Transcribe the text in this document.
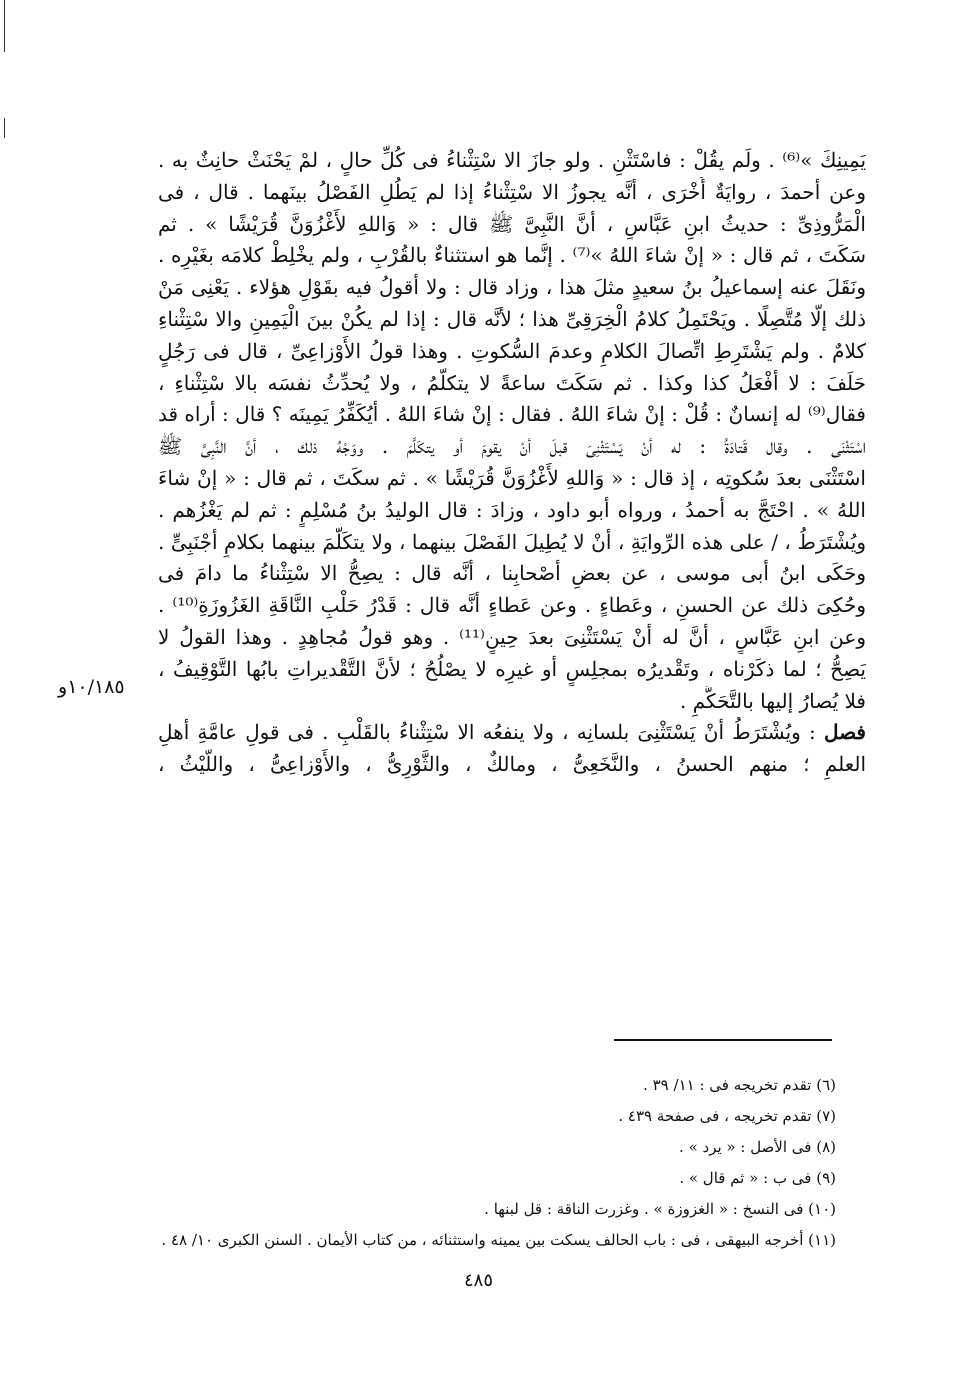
يَمِينِكَ »⁽⁶⁾ . ولَم يقُلْ : فاسْتَثْنِ . ولو جازَ الا سْتِثْناءُ فى كُلِّ حالٍ ، لمْ يَحْنَثْ حانِثٌ به .
وعن أحمدَ ، روايَةٌ أُخْرَى ، أنَّه يجوزُ الا سْتِثْناءُ إذا لم يَطُلِ الفَصْلُ بينَهما . قال ، فى
الْمَرُّوذِىِّ : حديثُ ابنِ عَبَّاسٍ ، أنَّ النَّبِىَّ ﷺ قال : « وَاللهِ لأَغْزُوَنَّ قُرَيْشًا » . ثم
سَكَتَ ، ثم قال : « إنْ شاءَ اللهُ »⁽⁷⁾ . إنَّما هو استثناءٌ بالقُرْبِ ، ولم يخْلِطْ كلامَه بغَيْرِه .
ونَقَلَ عنه إسماعيلُ بنُ سعيدٍ مثلَ هذا ، وزاد قال : ولا أقولُ فيه بقَوْلِ هؤلاء . يَعْنِى مَنْ
ذلك إلَّا مُتَّصِلًا . ويَحْتَمِلُ كلامُ الْخِرَقِىِّ هذا ؛ لأنَّه قال : إذا لم يكُنْ بينَ الْيَمِينِ والا سْتِثْناءِ
كلامٌ . ولم يَشْتَرِطِ اتِّصالَ الكلامِ وعدمَ السُّكوتِ . وهذا قولُ الأَوْزاعِىِّ ، قال فى رَجُلٍ
حَلَفَ : لا أفْعَلُ كذا وكذا . ثم سَكَتَ ساعةً لا يتكلَّمُ ، ولا يُحدِّثُ نفسَه بالا سْتِثْناءِ ،
فقال⁽⁹⁾ له إنسانٌ : قُلْ : إنْ شاءَ اللهُ . فقال : إنْ شاءَ اللهُ . أيُكَفِّرُ يَمِينَه ؟ قال : أراه قد
اسْتَثْنَى . وقال قَتادَةُ : له أنْ يَسْتَثْنِىَ قبلَ أنْ يقومَ أو يتكَلَّمَ . ووَجْهُ ذلك ، أنَّ النَّبِىَّ ﷺ
اسْتَثْنَى بعدَ سُكوتِه ، إذ قال : « وَاللهِ لأَغْزُوَنَّ قُرَيْشًا » . ثم سكَتَ ، ثم قال : « إنْ شاءَ
اللهُ » . احْتَجَّ به أحمدُ ، ورواه أبو داود ، وزادَ : قال الوليدُ بنُ مُسْلِمٍ : ثم لم يَغْزُهم .
ويُشْتَرَطُ ، / على هذه الرِّوايَةِ ، أنْ لا يُطِيلَ الفَصْلَ بينهما ، ولا يتكَلَّمَ بينهما بكلامٍ أجْنَبِىٍّ .
وحَكَى ابنُ أبى موسى ، عن بعضِ أصْحابِنا ، أنَّه قال : يصِحُّ الا سْتِثْناءُ ما دامَ فى
وحُكِىَ ذلك عن الحسنِ ، وعَطاءٍ . وعن عَطاءٍ أنَّه قال : قَدْرُ حَلْبِ النَّاقَةِ الغَزُوزَةِ⁽¹⁰⁾ .
وعن ابنِ عَبَّاسٍ ، أنَّ له أنْ يَسْتَثْنِىَ بعدَ حِينٍ⁽¹¹⁾ . وهو قولُ مُجاهِدٍ . وهذا القولُ لا
يَصِحُّ ؛ لما ذكَرْناه ، وتَقْديرُه بمجلِسٍ أو غيرِه لا يصْلُحُ ؛ لأنَّ التَّقْديراتِ بابُها التَّوْقِيفُ ،
فلا يُصارُ إليها بالتَّحَكُّمِ .
فصل : ويُشْتَرَطُ أنْ يَسْتَثْنِىَ بلسانِه ، ولا ينفعُه الا سْتِثْناءُ بالقَلْبِ . فى قولِ عامَّةِ أهلِ
العلمِ ؛ منهم الحسنُ ، والنَّخَعِىُّ ، ومالكٌ ، والثَّوْرِىُّ ، والأَوْزاعِىُّ ، واللَّيْثُ ،
١٠/١٨٥و
(٦) تقدم تخريجه فى : ١١/ ٣٩ .
(٧) تقدم تخريجه ، فى صفحة ٤٣٩ .
(٨) فى الأصل : « يرد » .
(٩) فى ب : « ثم قال » .
(١٠) فى النسخ : « الغزوزة » . وغزرت الناقة : قل لبنها .
(١١) أخرجه البيهقى ، فى : باب الحالف يسكت بين يمينه واستثنائه ، من كتاب الأيمان . السنن الكبرى ١٠/ ٤٨ .
٤٨٥
